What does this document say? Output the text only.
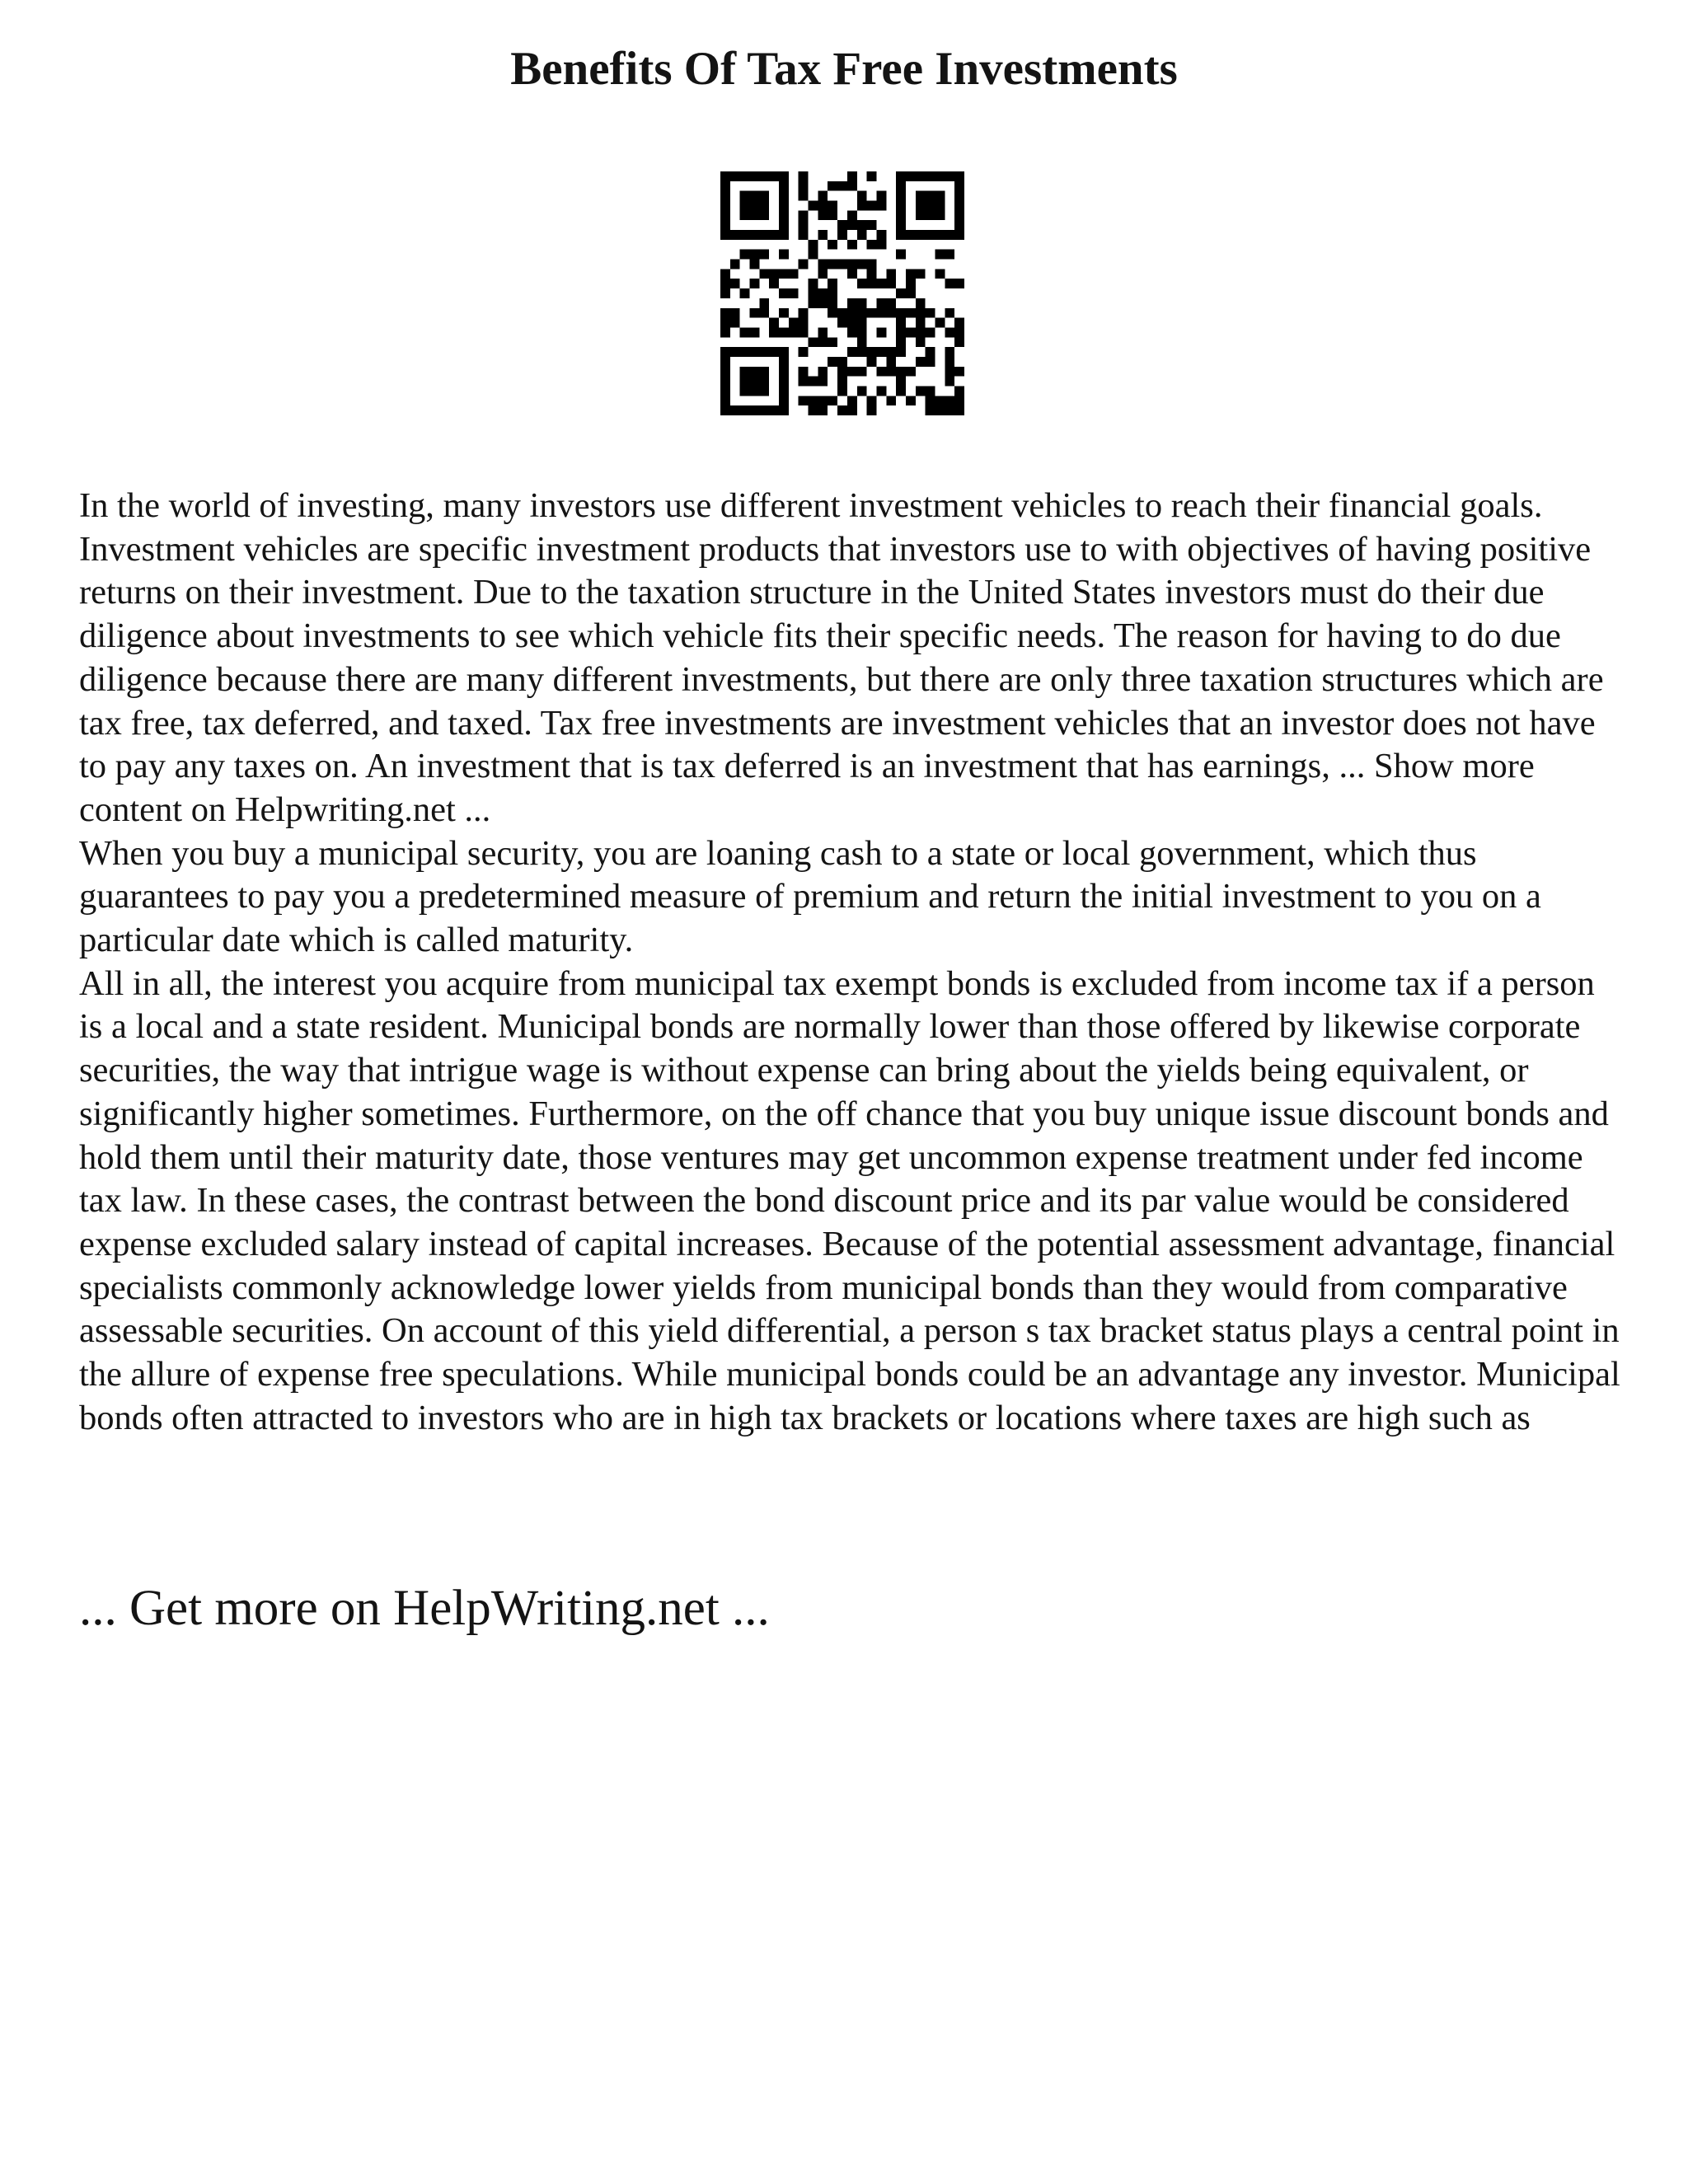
Benefits Of Tax Free Investments

In the world of investing, many investors use different investment vehicles to reach their financial goals. Investment vehicles are specific investment products that investors use to with objectives of having positive returns on their investment. Due to the taxation structure in the United States investors must do their due diligence about investments to see which vehicle fits their specific needs. The reason for having to do due diligence because there are many different investments, but there are only three taxation structures which are tax free, tax deferred, and taxed. Tax free investments are investment vehicles that an investor does not have to pay any taxes on. An investment that is tax deferred is an investment that has earnings, ... Show more content on Helpwriting.net ...

When you buy a municipal security, you are loaning cash to a state or local government, which thus guarantees to pay you a predetermined measure of premium and return the initial investment to you on a particular date which is called maturity.

All in all, the interest you acquire from municipal tax exempt bonds is excluded from income tax if a person is a local and a state resident. Municipal bonds are normally lower than those offered by likewise corporate securities, the way that intrigue wage is without expense can bring about the yields being equivalent, or significantly higher sometimes. Furthermore, on the off chance that you buy unique issue discount bonds and hold them until their maturity date, those ventures may get uncommon expense treatment under fed income tax law. In these cases, the contrast between the bond discount price and its par value would be considered expense excluded salary instead of capital increases. Because of the potential assessment advantage, financial specialists commonly acknowledge lower yields from municipal bonds than they would from comparative assessable securities. On account of this yield differential, a person s tax bracket status plays a central point in the allure of expense free speculations. While municipal bonds could be an advantage any investor. Municipal bonds often attracted to investors who are in high tax brackets or locations where taxes are high such as

... Get more on HelpWriting.net ...
